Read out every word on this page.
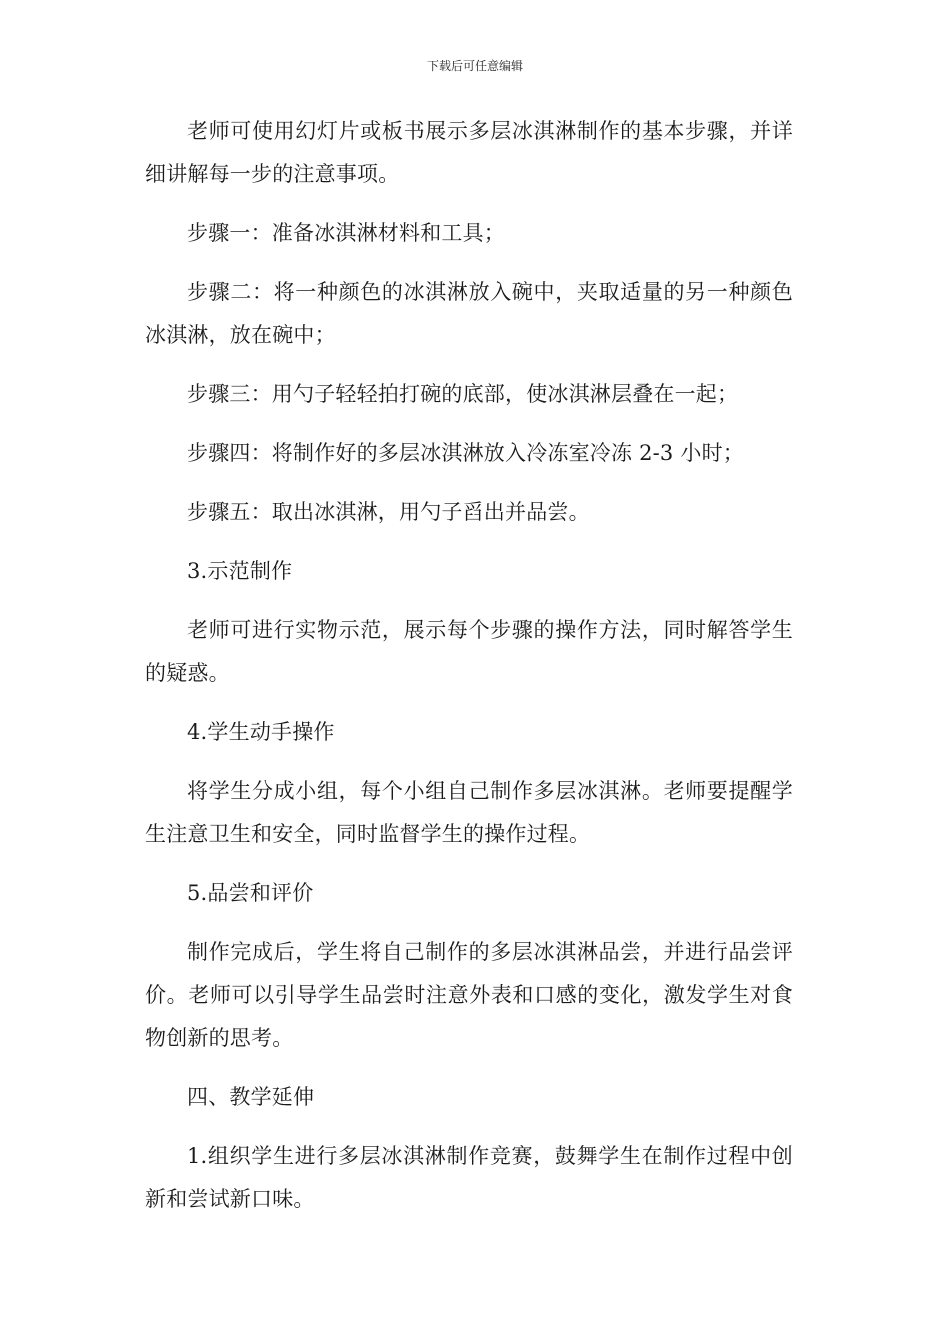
下载后可任意编辑

老师可使用幻灯片或板书展示多层冰淇淋制作的基本步骤，并详细讲解每一步的注意事项。

步骤一：准备冰淇淋材料和工具；

步骤二：将一种颜色的冰淇淋放入碗中，夹取适量的另一种颜色冰淇淋，放在碗中；

步骤三：用勺子轻轻拍打碗的底部，使冰淇淋层叠在一起；

步骤四：将制作好的多层冰淇淋放入冷冻室冷冻 2-3 小时；

步骤五：取出冰淇淋，用勺子舀出并品尝。

3.示范制作

老师可进行实物示范，展示每个步骤的操作方法，同时解答学生的疑惑。

4.学生动手操作

将学生分成小组，每个小组自己制作多层冰淇淋。老师要提醒学生注意卫生和安全，同时监督学生的操作过程。

5.品尝和评价

制作完成后，学生将自己制作的多层冰淇淋品尝，并进行品尝评价。老师可以引导学生品尝时注意外表和口感的变化，激发学生对食物创新的思考。

四、教学延伸

1.组织学生进行多层冰淇淋制作竞赛，鼓舞学生在制作过程中创新和尝试新口味。
